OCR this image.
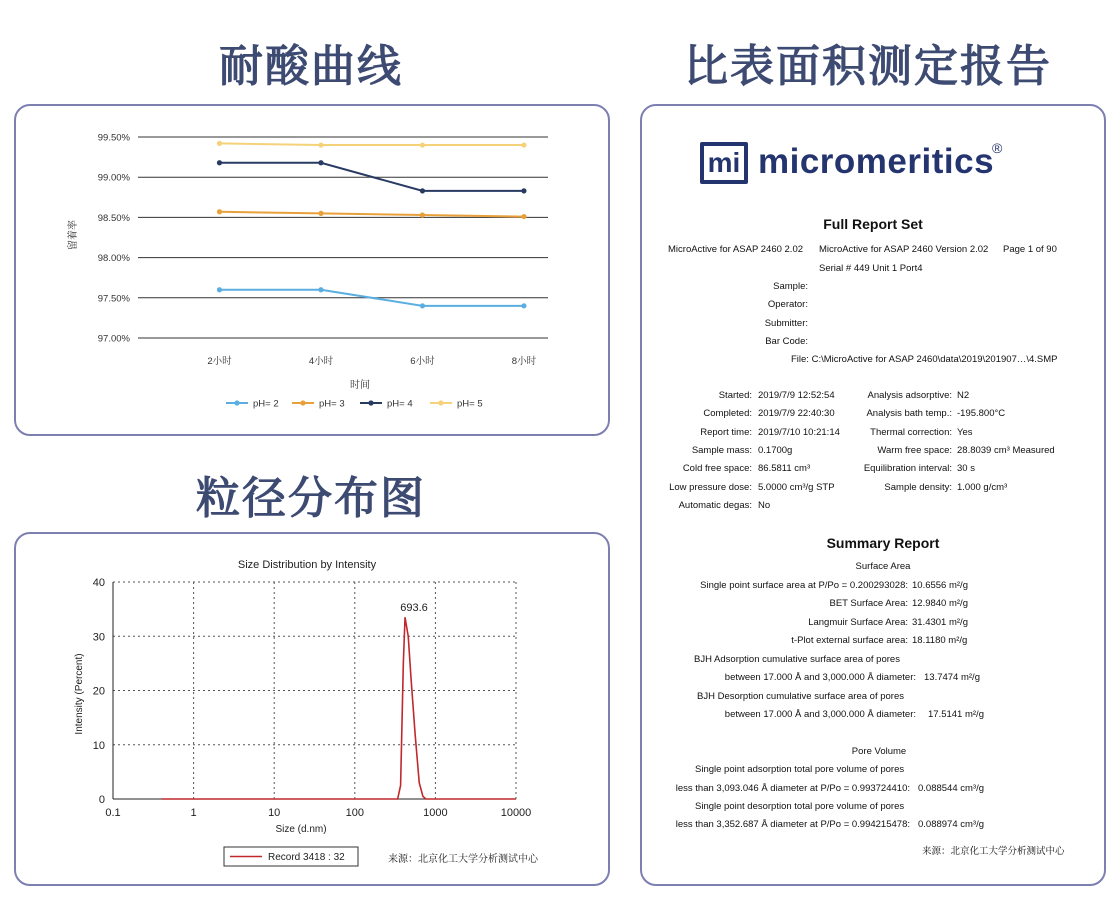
耐酸曲线	比表面积测定报告
粒径分布图
97.00%
97.50%
98.00%
98.50%
99.00%
99.50%
2小时	4小时	6小时	8小时
时间
留着率
pH= 2	pH= 3	pH= 4	pH= 5
Size Distribution by Intensity
0
10
20
30
40
0.1	1	10	100	1000	10000
693.6
Size (d.nm)
Intensity (Percent)
Record 3418 : 32	来源：北京化工大学分析测试中心
mi micromeritics
®
Full Report Set
MicroActive for ASAP 2460 2.02 MicroActive for ASAP 2460 Version 2.02 Page 1 of 90
Serial # 449 Unit 1 Port4
Sample:
Operator:
Submitter:
Bar Code:
File: C:\MicroActive for ASAP 2460\data\2019\201907…\4.SMP
Started: 2019/7/9 12:52:54	Analysis adsorptive: N2
Completed: 2019/7/9 22:40:30	Analysis bath temp.: -195.800°C
Report time: 2019/7/10 10:21:14	Thermal correction: Yes
Sample mass: 0.1700g	Warm free space: 28.8039 cm³ Measured
Cold free space: 86.5811 cm³	Equilibration interval: 30 s
Low pressure dose: 5.0000 cm³/g STP	Sample density: 1.000 g/cm³
Automatic degas: No
Summary Report
Surface Area
Single point surface area at P/Po = 0.200293028: 10.6556 m²/g
BET Surface Area: 12.9840 m²/g
Langmuir Surface Area: 31.4301 m²/g
t-Plot external surface area: 18.1180 m²/g
BJH Adsorption cumulative surface area of pores
between 17.000 Å and 3,000.000 Å diameter: 13.7474 m²/g
BJH Desorption cumulative surface area of pores
between 17.000 Å and 3,000.000 Å diameter: 17.5141 m²/g
Pore Volume
Single point adsorption total pore volume of pores
less than 3,093.046 Å diameter at P/Po = 0.993724410: 0.088544 cm³/g
Single point desorption total pore volume of pores
less than 3,352.687 Å diameter at P/Po = 0.994215478: 0.088974 cm³/g
来源：北京化工大学分析测试中心
